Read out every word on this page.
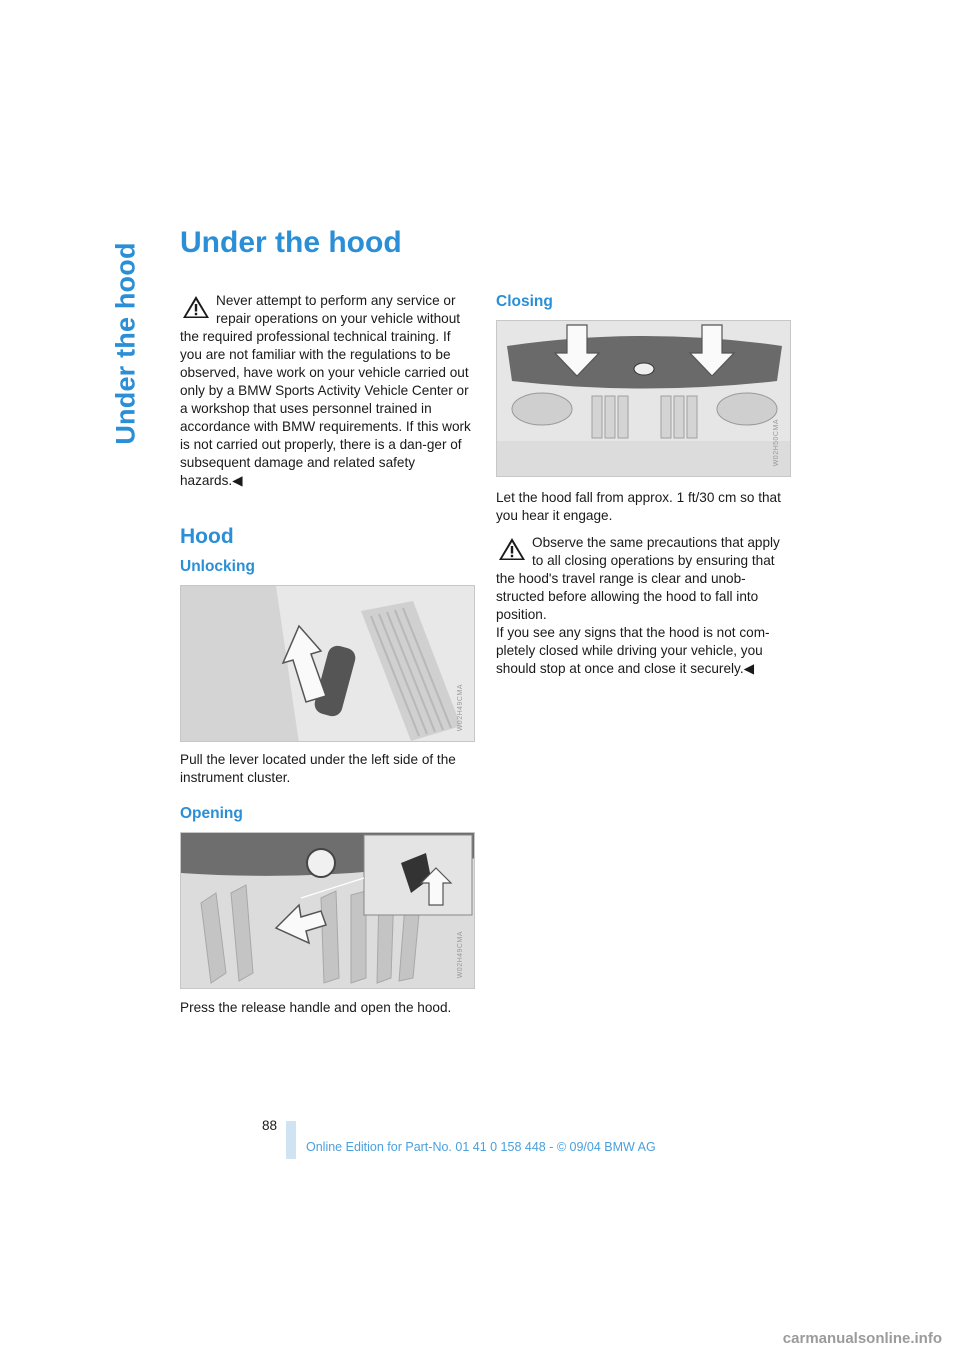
Under the hood Under the hood

Never attempt to perform any service or
repair operations on your vehicle without the required professional technical training. If you are not familiar with the regulations to be observed, have work on your vehicle carried out only by a BMW Sports Activity Vehicle Center or a workshop that uses personnel trained in accordance with BMW requirements. If this work is not carried out properly, there is a dan-ger of subsequent damage and related safety hazards.◀

Hood
Unlocking
W02H49CMA

Pull the lever located under the left side of the instrument cluster.

Opening
W02H49CMA

Press the release handle and open the hood.

Closing
W02H50CMA

Let the hood fall from approx. 1 ft/30 cm so that you hear it engage.

Observe the same precautions that apply
to all closing operations by ensuring that the hood's travel range is clear and unob-structed before allowing the hood to fall into position.
If you see any signs that the hood is not com-pletely closed while driving your vehicle, you should stop at once and close it securely.◀

88
Online Edition for Part-No. 01 41 0 158 448 - © 09/04 BMW AG
carmanualsonline.info
